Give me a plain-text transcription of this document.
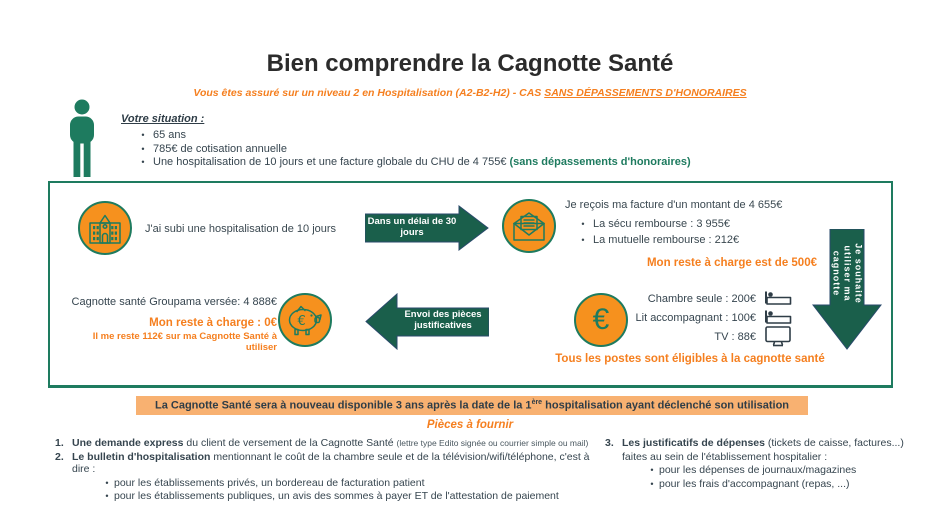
Bien comprendre la Cagnotte Santé
Vous êtes assuré sur un niveau 2 en Hospitalisation (A2-B2-H2) - CAS SANS DÉPASSEMENTS D'HONORAIRES
Votre situation :
•
65 ans
•
785€ de cotisation annuelle
•
Une hospitalisation de 10 jours et une facture globale du CHU de 4 755€ (sans dépassements d'honoraires)
J'ai subi une hospitalisation de 10 jours
Dans un délai de 30 jours
Je reçois ma facture d'un montant de 4 655€
•
La sécu rembourse : 3 955€
•
La mutuelle rembourse : 212€
Mon reste à charge est de 500€	Je souhaite
utiliser ma
cagnotte
€
Chambre seule : 200€
Lit accompagnant : 100€
TV : 88€
Tous les postes sont éligibles à la cagnotte santé
Envoi des pièces justificatives
€
Cagnotte santé Groupama versée: 4 888€
Mon reste à charge : 0€
Il me reste 112€ sur ma Cagnotte Santé à utiliser
La Cagnotte Santé sera à nouveau disponible 3 ans après la date de la 1ère hospitalisation ayant déclenché son utilisation
Pièces à fournir
1. Une demande express du client de versement de la Cagnotte Santé (lettre type Edito signée ou courrier simple ou mail)
2. Le bulletin d'hospitalisation mentionnant le coût de la chambre seule et de la télévision/wifi/téléphone, c'est à dire :
•
pour les établissements privés, un bordereau de facturation patient
•
pour les établissements publiques, un avis des sommes à payer ET de l'attestation de paiement
3. Les justificatifs de dépenses (tickets de caisse, factures...)
faites au sein de l'établissement hospitalier :
•
pour les dépenses de journaux/magazines
•
pour les frais d'accompagnant (repas, ...)
